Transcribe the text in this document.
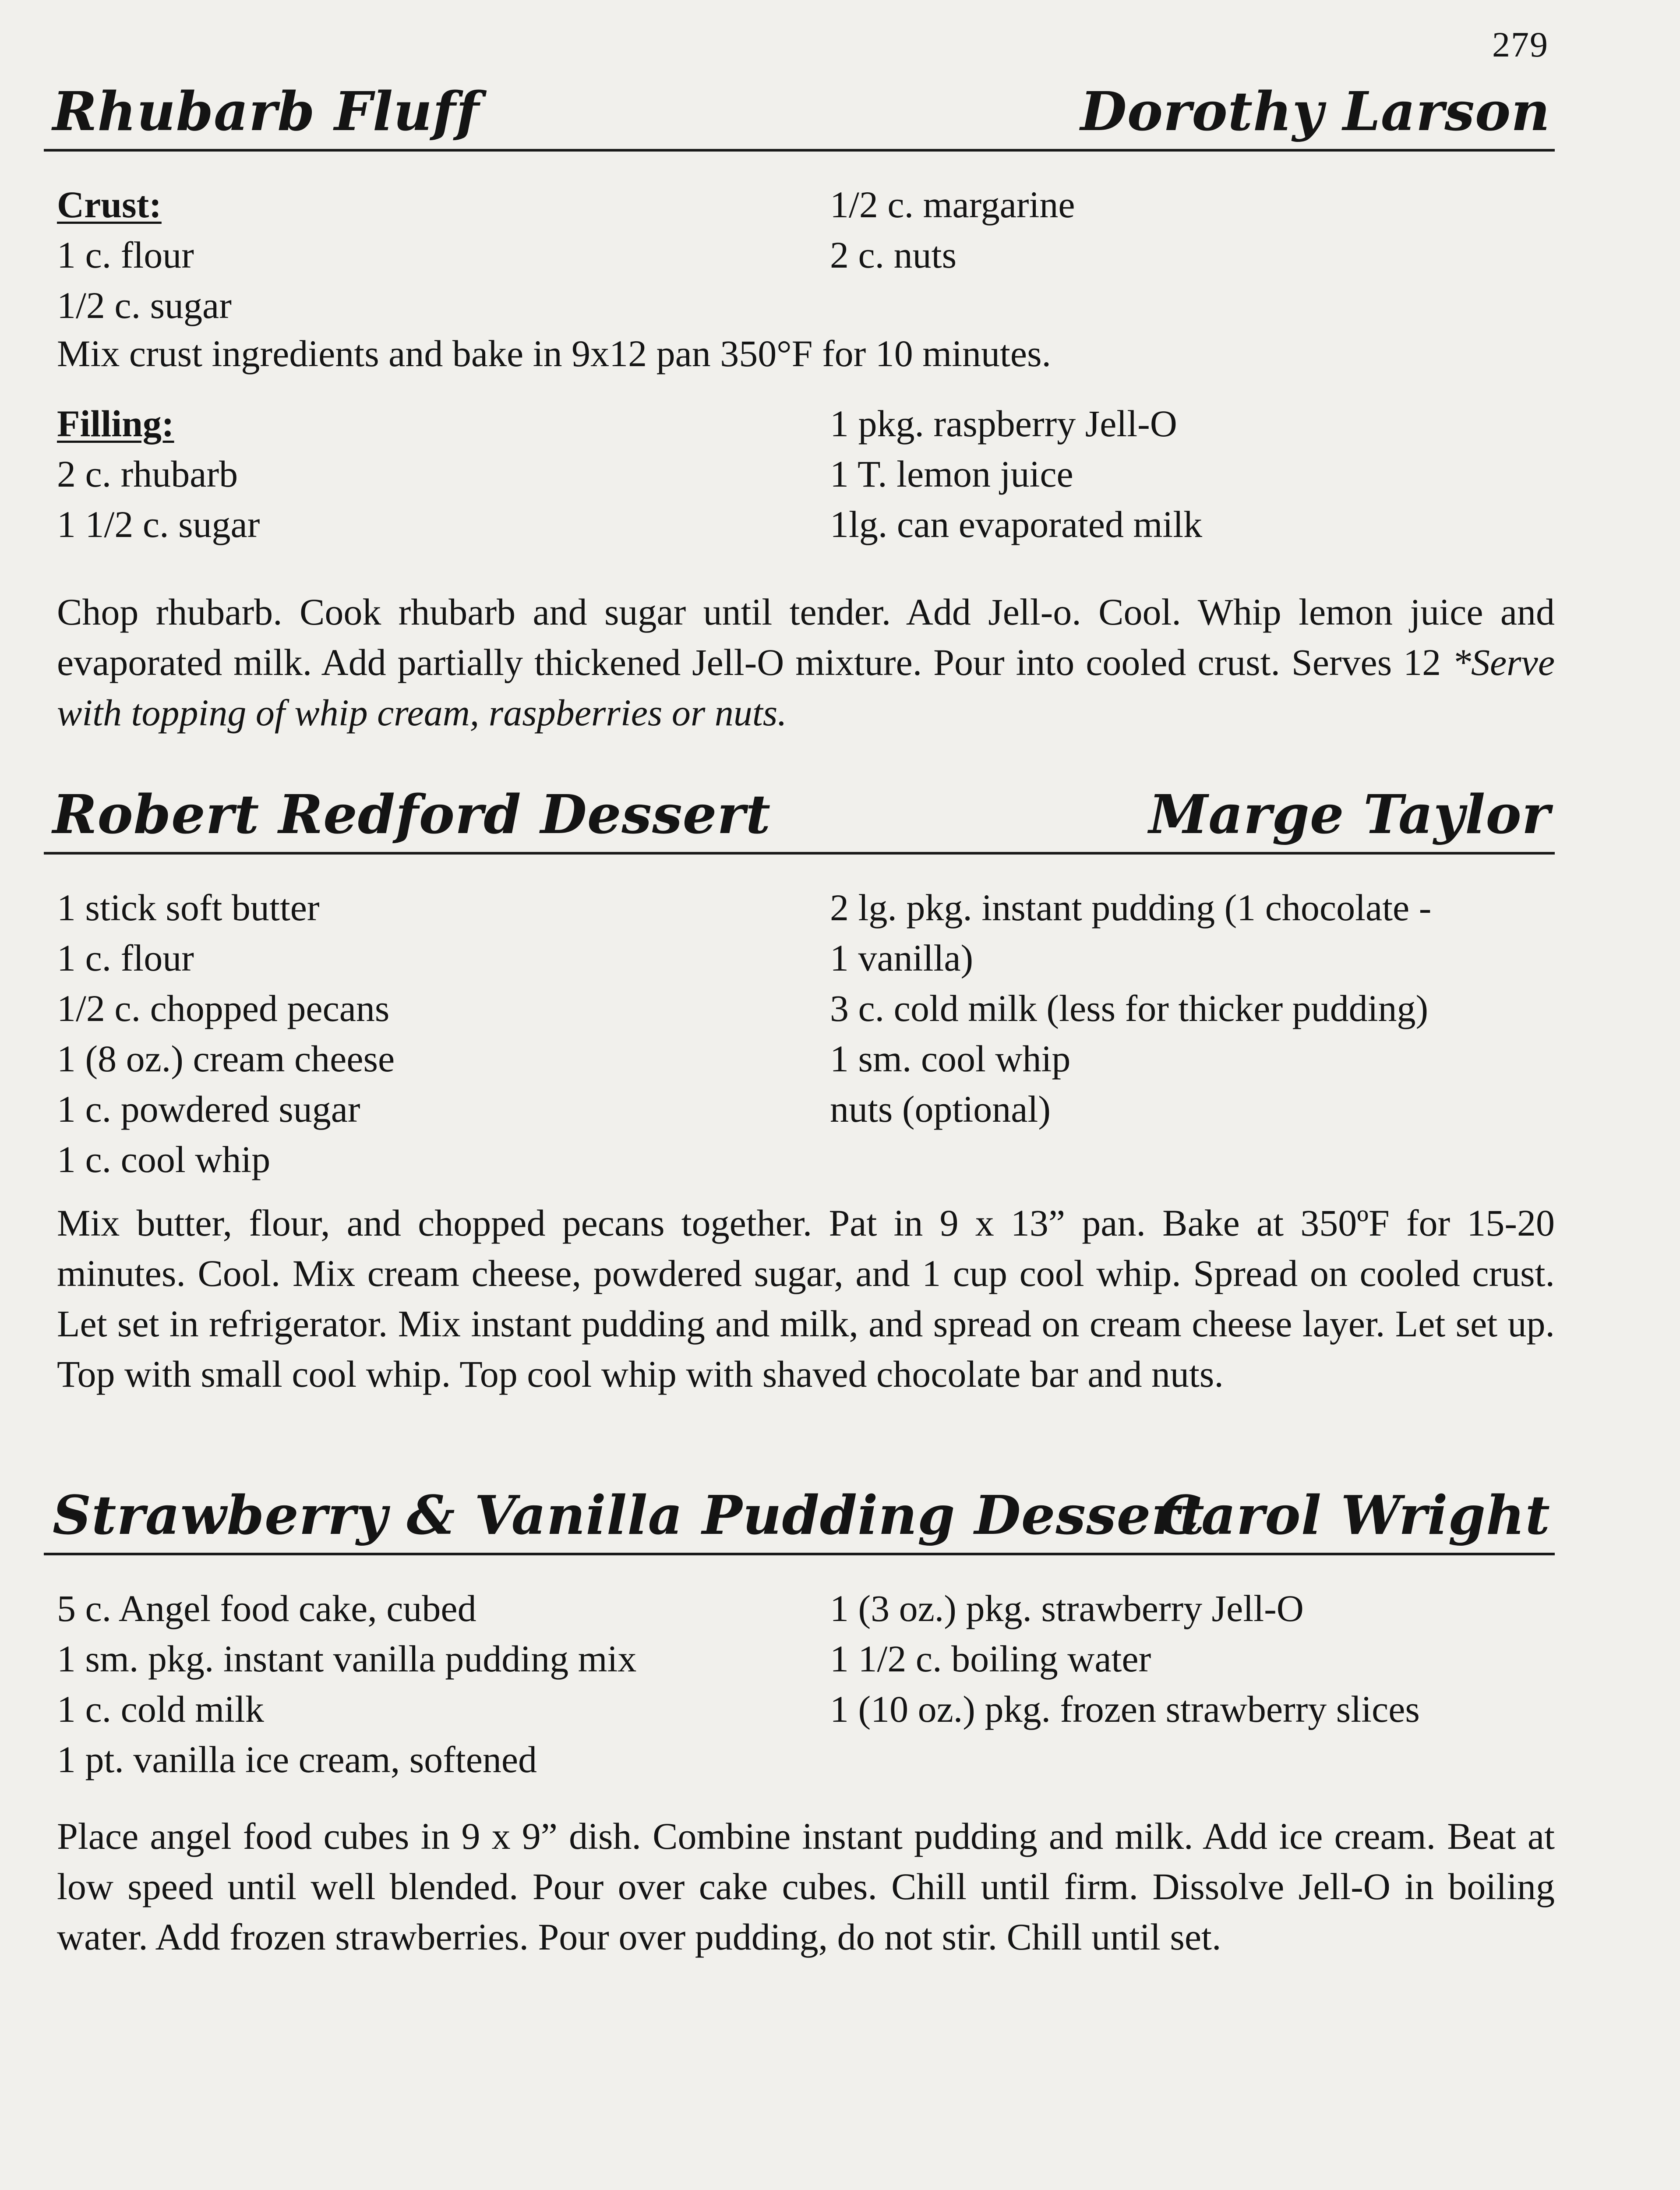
279
Rhubarb Fluff	Dorothy Larson
Crust:
1 c. flour
1/2 c. sugar
1/2 c. margarine
2 c. nuts
Mix crust ingredients and bake in 9x12 pan 350°F for 10 minutes.
Filling:
2 c. rhubarb
1 1/2 c. sugar
1 pkg. raspberry Jell-O
1 T. lemon juice
1lg. can evaporated milk
Chop rhubarb. Cook rhubarb and sugar until tender. Add Jell-o. Cool. Whip lemon juice and evaporated milk. Add partially thickened Jell-O mixture. Pour into cooled crust. Serves 12 *Serve with topping of whip cream, raspberries or nuts.
Robert Redford Dessert	Marge Taylor
1 stick soft butter
1 c. flour
1/2 c. chopped pecans
1 (8 oz.) cream cheese
1 c. powdered sugar
1 c. cool whip
2 lg. pkg. instant pudding (1 chocolate -
1 vanilla)
3 c. cold milk (less for thicker pudding)
1 sm. cool whip
nuts (optional)
Mix butter, flour, and chopped pecans together. Pat in 9 x 13” pan. Bake at 350ºF for 15-20 minutes. Cool. Mix cream cheese, powdered sugar, and 1 cup cool whip. Spread on cooled crust. Let set in refrigerator. Mix instant pudding and milk, and spread on cream cheese layer. Let set up. Top with small cool whip. Top cool whip with shaved chocolate bar and nuts.
Strawberry & Vanilla Pudding Dessert
Carol Wright
5 c. Angel food cake, cubed
1 sm. pkg. instant vanilla pudding mix
1 c. cold milk
1 pt. vanilla ice cream, softened
1 (3 oz.) pkg. strawberry Jell-O
1 1/2 c. boiling water
1 (10 oz.) pkg. frozen strawberry slices
Place angel food cubes in 9 x 9” dish. Combine instant pudding and milk. Add ice cream. Beat at low speed until well blended. Pour over cake cubes. Chill until firm. Dissolve Jell-O in boiling water. Add frozen strawberries. Pour over pudding, do not stir. Chill until set.
